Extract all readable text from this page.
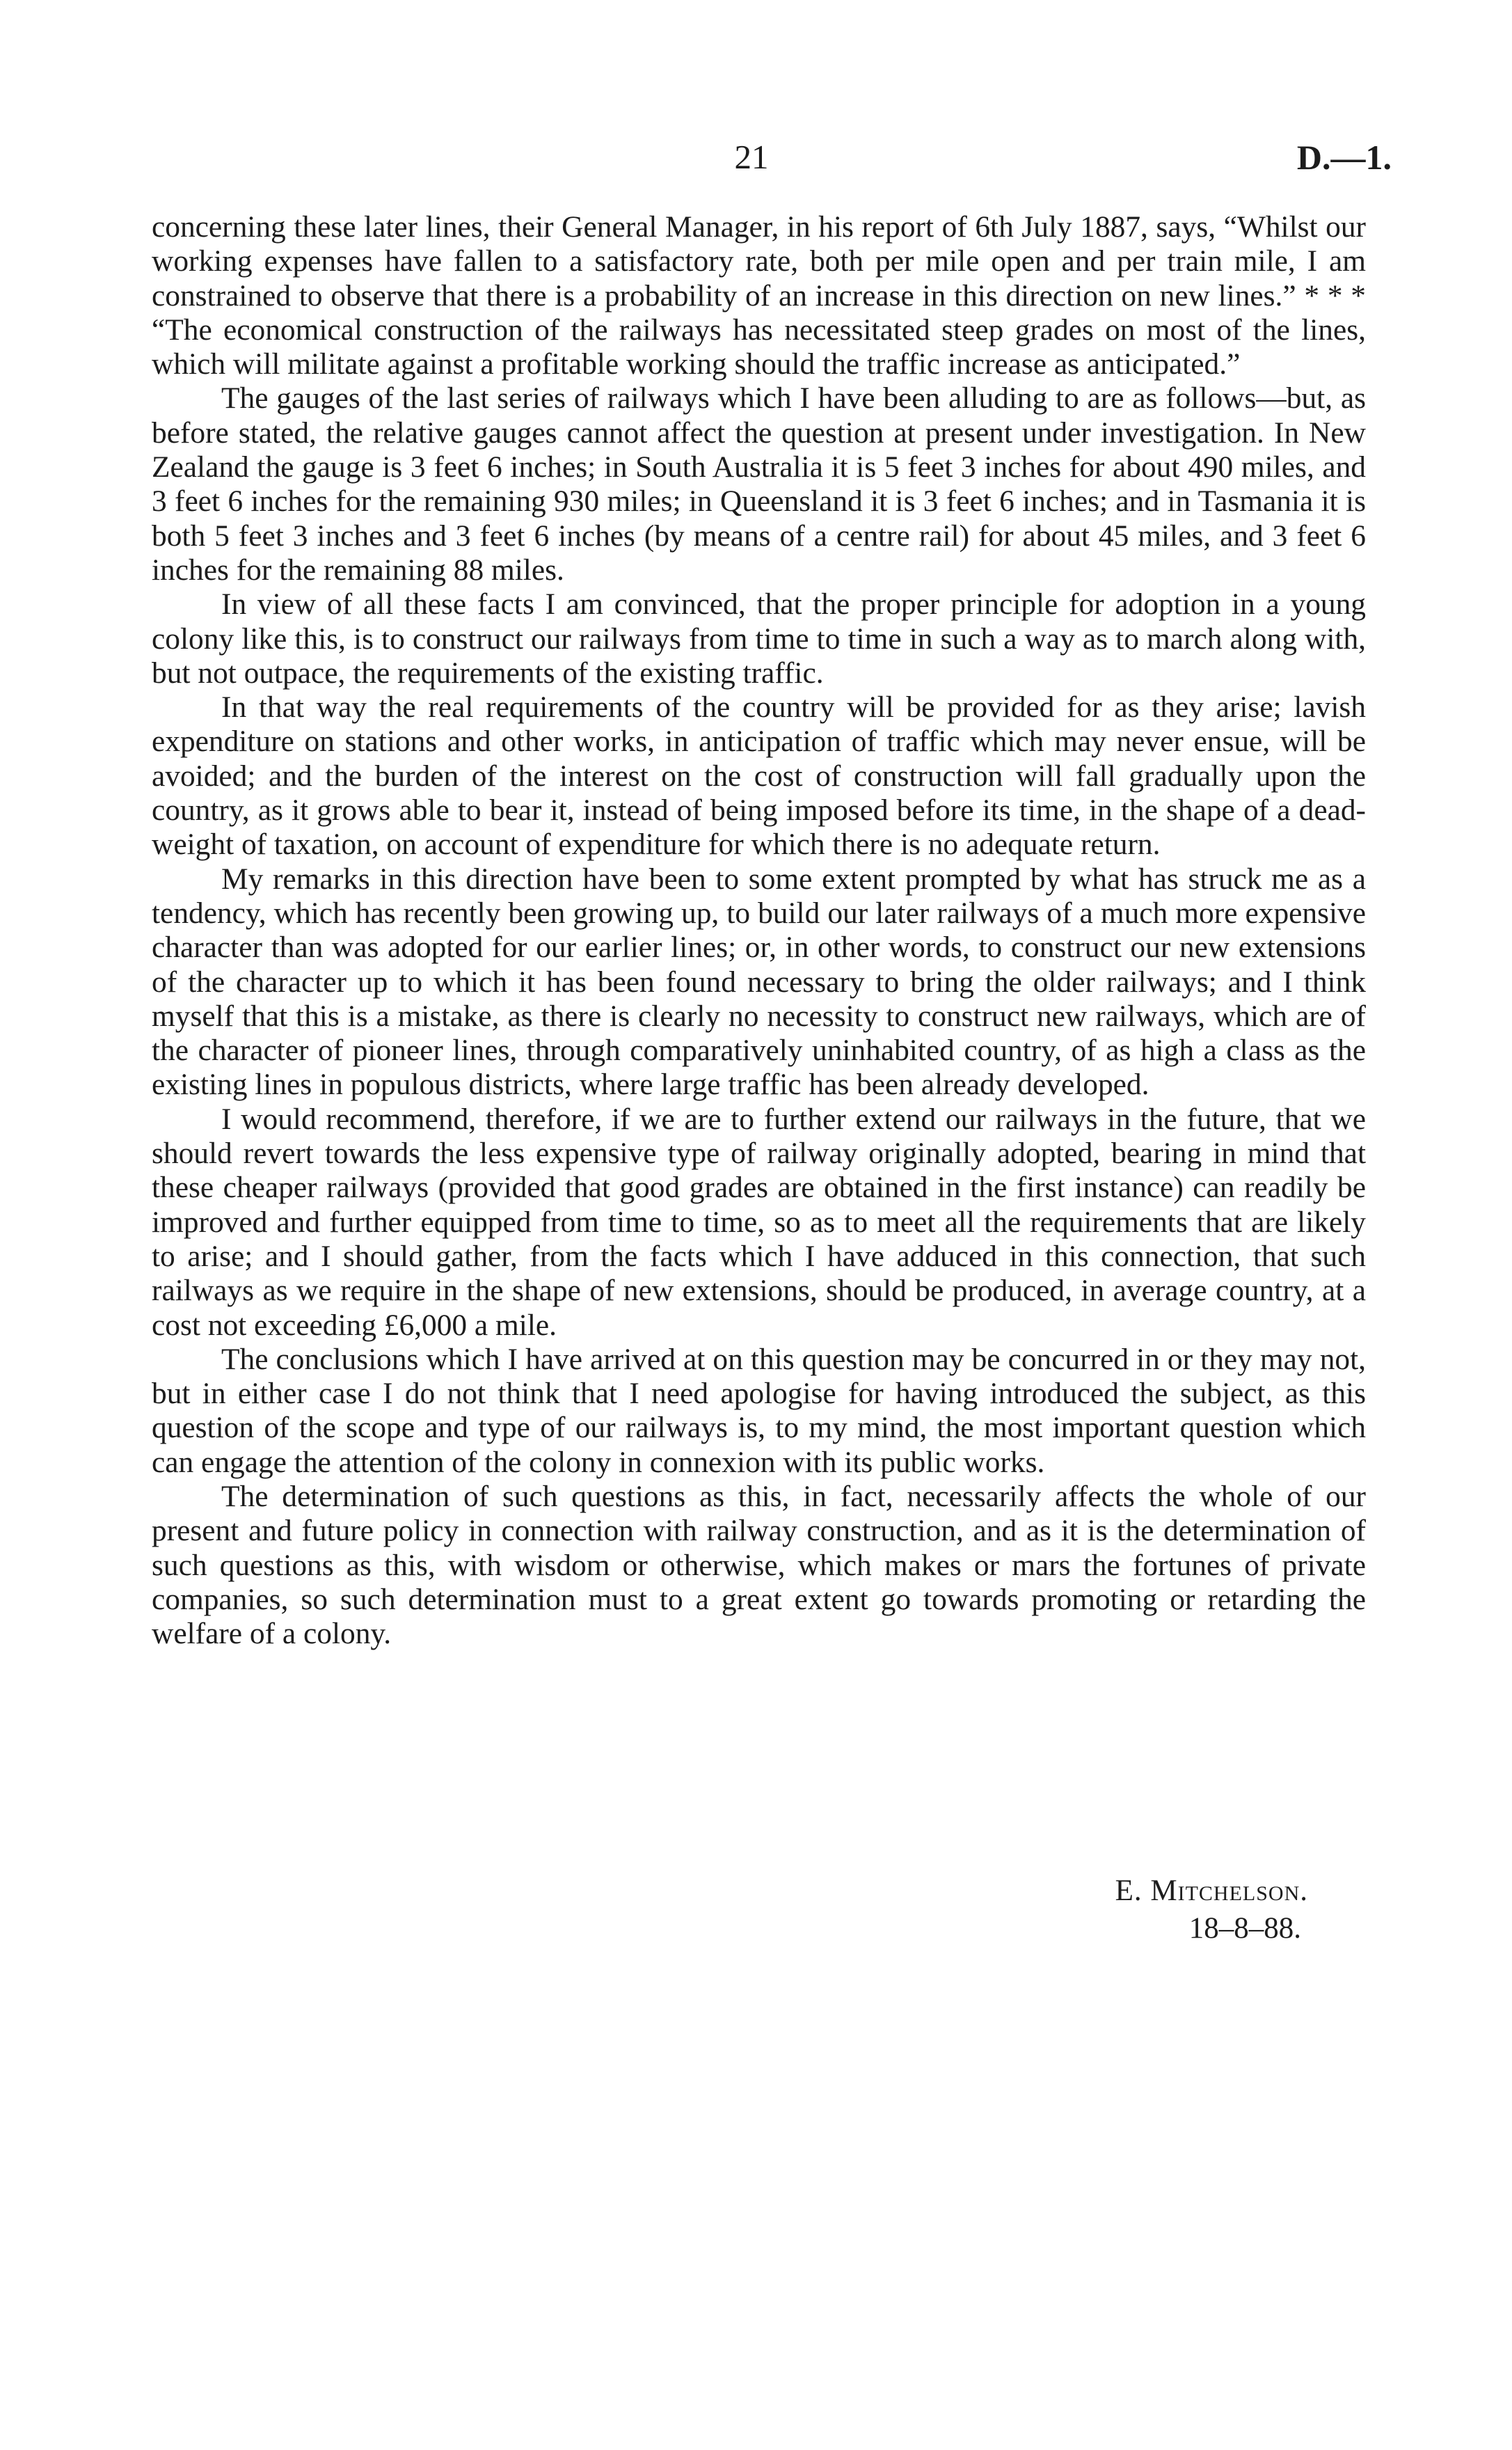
21	D.—1.

concerning these later lines, their General Manager, in his report of 6th July 1887, says, “Whilst our working expenses have fallen to a satisfactory rate, both per mile open and per train mile, I am constrained to observe that there is a probability of an increase in this direction on new lines.” * * * “The economical construction of the railways has necessitated steep grades on most of the lines, which will militate against a profitable working should the traffic increase as anticipated.”

The gauges of the last series of railways which I have been alluding to are as follows—but, as before stated, the relative gauges cannot affect the question at present under investigation. In New Zealand the gauge is 3 feet 6 inches; in South Australia it is 5 feet 3 inches for about 490 miles, and 3 feet 6 inches for the remaining 930 miles; in Queensland it is 3 feet 6 inches; and in Tasmania it is both 5 feet 3 inches and 3 feet 6 inches (by means of a centre rail) for about 45 miles, and 3 feet 6 inches for the remaining 88 miles.

In view of all these facts I am convinced, that the proper principle for adoption in a young colony like this, is to construct our railways from time to time in such a way as to march along with, but not outpace, the requirements of the existing traffic.

In that way the real requirements of the country will be provided for as they arise; lavish expenditure on stations and other works, in anticipation of traffic which may never ensue, will be avoided; and the burden of the interest on the cost of construction will fall gradually upon the country, as it grows able to bear it, instead of being imposed before its time, in the shape of a dead-weight of taxation, on account of expenditure for which there is no adequate return.

My remarks in this direction have been to some extent prompted by what has struck me as a tendency, which has recently been growing up, to build our later railways of a much more expensive character than was adopted for our earlier lines; or, in other words, to construct our new extensions of the character up to which it has been found necessary to bring the older railways; and I think myself that this is a mistake, as there is clearly no necessity to construct new railways, which are of the character of pioneer lines, through comparatively uninhabited country, of as high a class as the existing lines in populous districts, where large traffic has been already developed.

I would recommend, therefore, if we are to further extend our railways in the future, that we should revert towards the less expensive type of railway originally adopted, bearing in mind that these cheaper railways (provided that good grades are obtained in the first instance) can readily be improved and further equipped from time to time, so as to meet all the requirements that are likely to arise; and I should gather, from the facts which I have adduced in this connection, that such railways as we require in the shape of new extensions, should be produced, in average country, at a cost not exceeding £6,000 a mile.

The conclusions which I have arrived at on this question may be concurred in or they may not, but in either case I do not think that I need apologise for having introduced the subject, as this question of the scope and type of our railways is, to my mind, the most important question which can engage the attention of the colony in connexion with its public works.

The determination of such questions as this, in fact, necessarily affects the whole of our present and future policy in connection with railway construction, and as it is the determination of such questions as this, with wisdom or otherwise, which makes or mars the fortunes of private companies, so such determination must to a great extent go towards promoting or retarding the welfare of a colony.

E. Mitchelson.
18–8–88.
